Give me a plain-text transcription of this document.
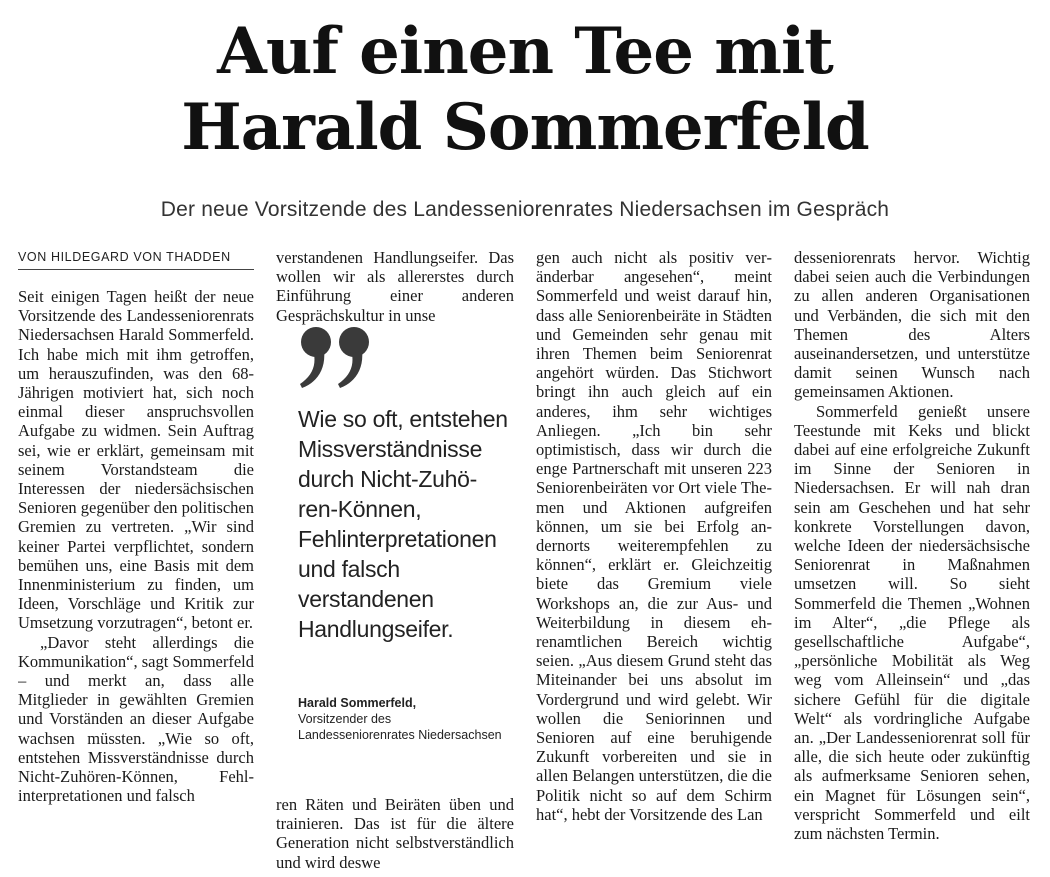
Auf einen Tee mit
Harald Sommerfeld
Der neue Vorsitzende des Landesseniorenrates Niedersachsen im Gespräch
VON HILDEGARD VON THADDEN

Seit einigen Tagen heißt der neue Vorsitzende des Landesseniorenrats Niedersachsen Harald Sommerfeld. Ich habe mich mit ihm getroffen, um herauszufinden, was den 68-Jährigen motiviert hat, sich noch einmal dieser anspruchsvollen Aufgabe zu widmen. Sein Auftrag sei, wie er erklärt, gemeinsam mit seinem Vorstandsteam die Interessen der niedersächsischen Senioren gegenüber den politischen Gremien zu vertreten. „Wir sind keiner Partei verpflichtet, sondern bemühen uns, eine Basis mit dem Innenministerium zu finden, um Ideen, Vorschläge und Kritik zur Umsetzung vorzutragen“, betont er.

„Davor steht allerdings die Kommunikation“, sagt Sommerfeld – und merkt an, dass alle Mitglieder in gewählten Gremien und Vorständen an dieser Aufgabe wachsen müssten. „Wie so oft, entstehen Missverständnisse durch Nicht-Zuhören-Können, Fehlinterpretationen und falsch

verstandenen Handlungseifer. Das wollen wir als allererstes durch Einführung einer anderen Gesprächskultur in unse

Wie so oft, entstehen Missverständnisse durch Nicht-Zuhören-Können, Fehlinterpretationen und falsch verstandenen Handlungseifer.
Harald Sommerfeld,
Vorsitzender des Landesseniorenrates Niedersachsen

ren Räten und Beiräten üben und trainieren. Das ist für die ältere Generation nicht selbstverständlich und wird deswe

gen auch nicht als positiv veränderbar angesehen“, meint Sommerfeld und weist darauf hin, dass alle Seniorenbeiräte in Städten und Gemeinden sehr genau mit ihren Themen beim Seniorenrat angehört würden. Das Stichwort bringt ihn auch gleich auf ein anderes, ihm sehr wichtiges Anliegen. „Ich bin sehr optimistisch, dass wir durch die enge Partnerschaft mit unseren 223 Seniorenbeiräten vor Ort viele Themen und Aktionen aufgreifen können, um sie bei Erfolg andernorts weiterempfehlen zu können“, erklärt er. Gleichzeitig biete das Gremium viele Workshops an, die zur Aus- und Weiterbildung in diesem ehrenamtlichen Bereich wichtig seien. „Aus diesem Grund steht das Miteinander bei uns absolut im Vordergrund und wird gelebt. Wir wollen die Seniorinnen und Senioren auf eine beruhigende Zukunft vorbereiten und sie in allen Belangen unterstützen, die die Politik nicht so auf dem Schirm hat“, hebt der Vorsitzende des Lan

desseniorenrats hervor. Wichtig dabei seien auch die Verbindungen zu allen anderen Organisationen und Verbänden, die sich mit den Themen des Alters auseinandersetzen, und unterstütze damit seinen Wunsch nach gemeinsamen Aktionen.

Sommerfeld genießt unsere Teestunde mit Keks und blickt dabei auf eine erfolgreiche Zukunft im Sinne der Senioren in Niedersachsen. Er will nah dran sein am Geschehen und hat sehr konkrete Vorstellungen davon, welche Ideen der niedersächsische Seniorenrat in Maßnahmen umsetzen will. So sieht Sommerfeld die Themen „Wohnen im Alter“, „die Pflege als gesellschaftliche Aufgabe“, „persönliche Mobilität als Weg weg vom Alleinsein“ und „das sichere Gefühl für die digitale Welt“ als vordringliche Aufgabe an. „Der Landesseniorenrat soll für alle, die sich heute oder zukünftig als aufmerksame Senioren sehen, ein Magnet für Lösungen sein“, verspricht Sommerfeld und eilt zum nächsten Termin.
